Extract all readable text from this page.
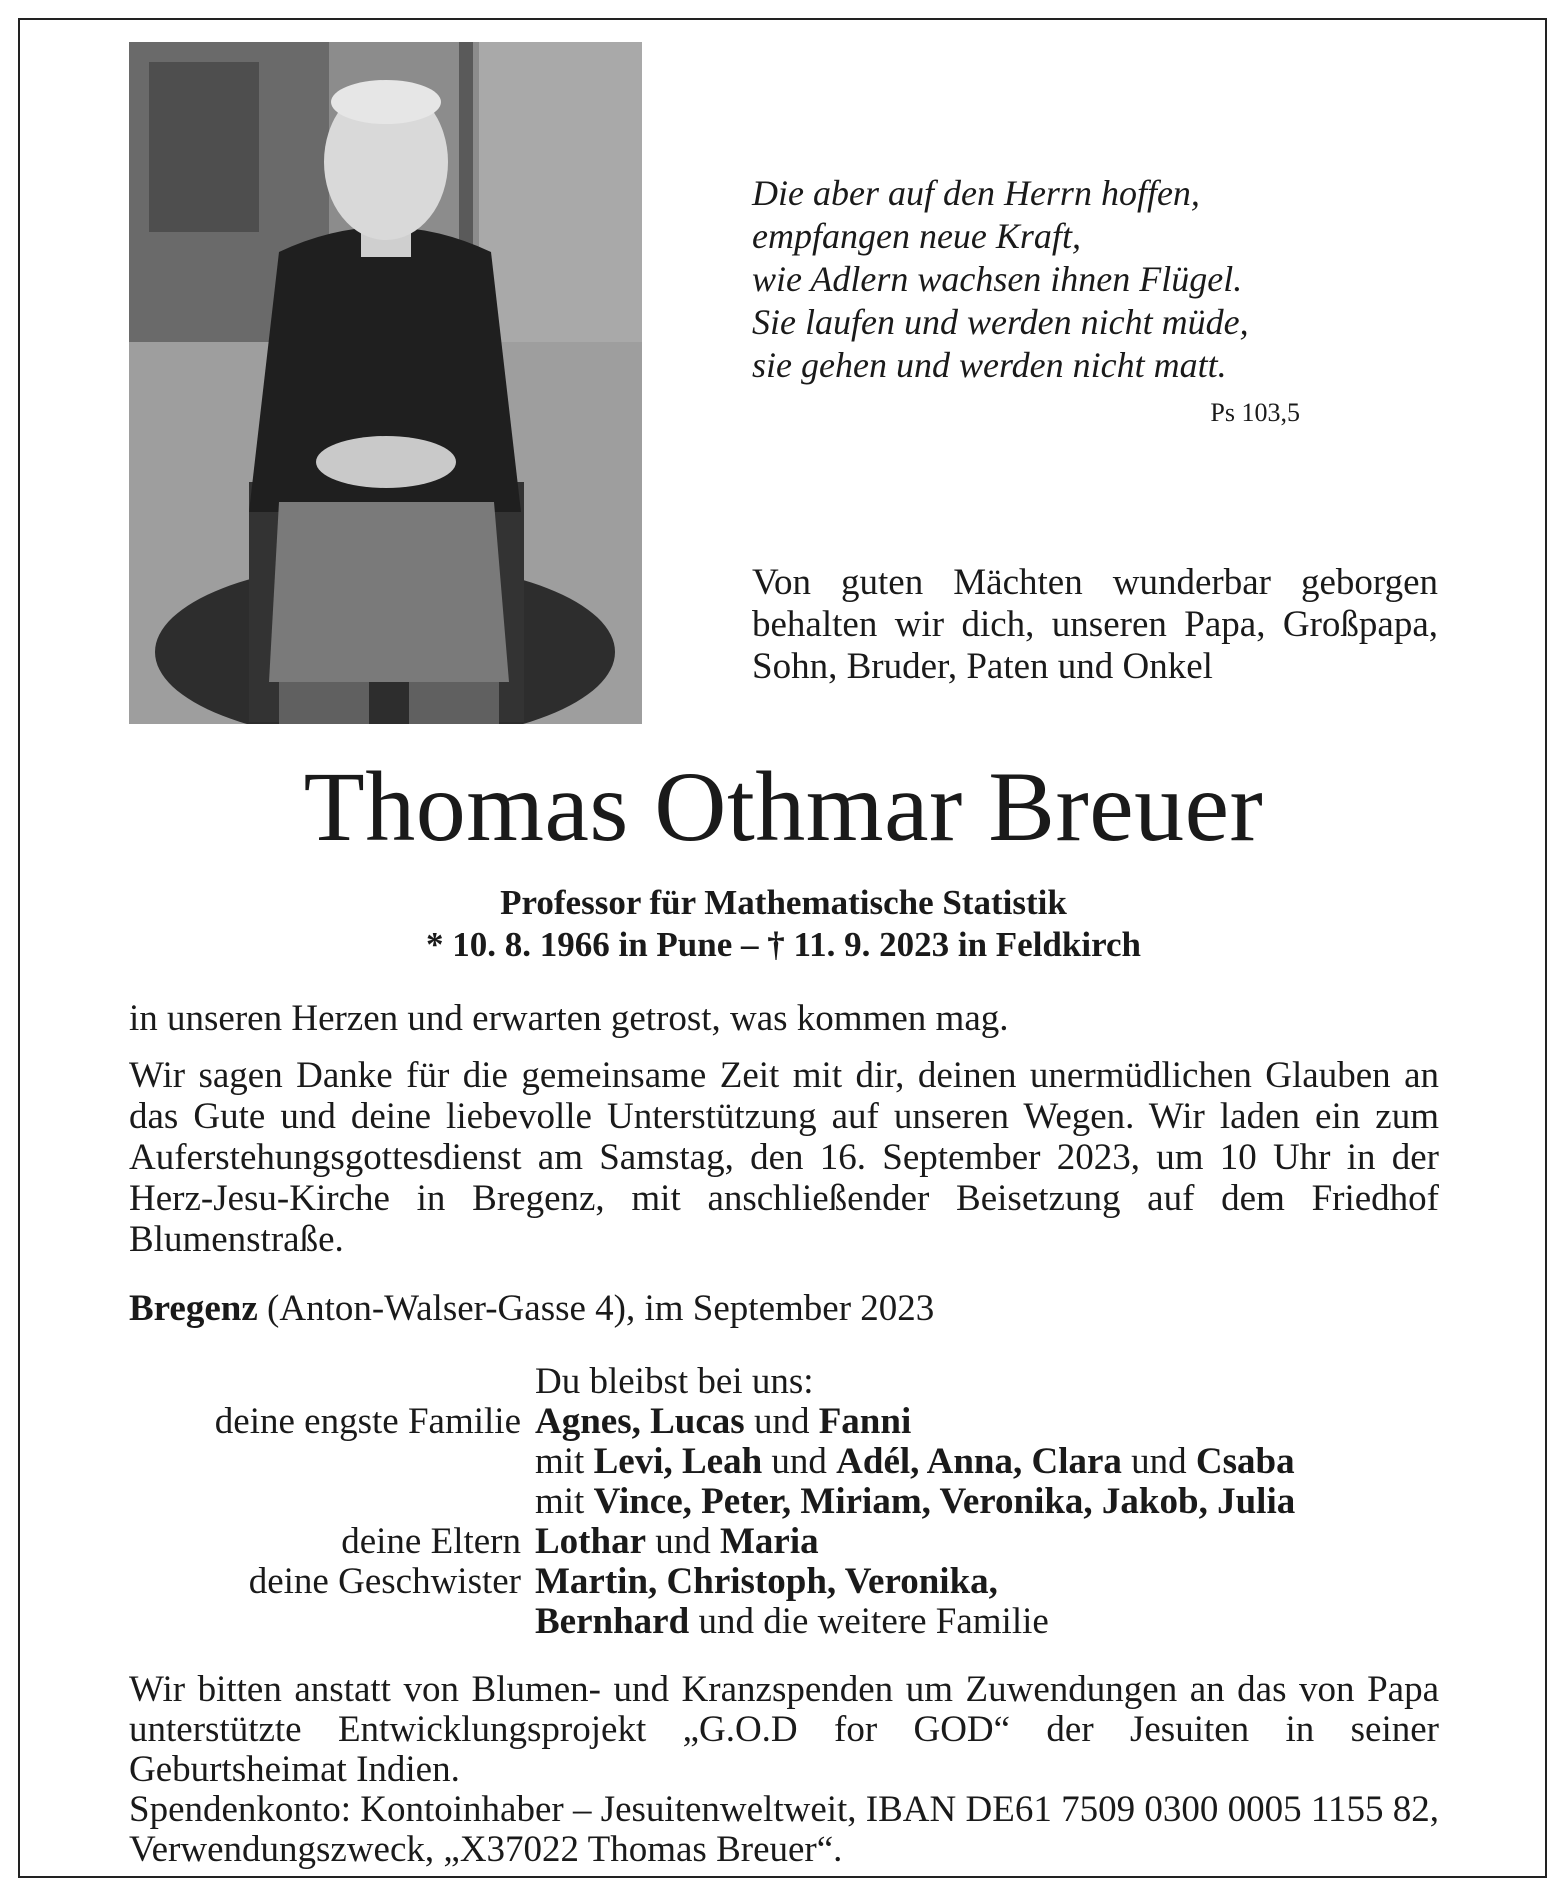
Die aber auf den Herrn hoffen,
empfangen neue Kraft,
wie Adlern wachsen ihnen Flügel.
Sie laufen und werden nicht müde,
sie gehen und werden nicht matt.
Ps 103,5
Von guten Mächten wunderbar geborgen behalten wir dich, unseren Papa, Großpapa, Sohn, Bruder, Paten und Onkel
Thomas Othmar Breuer
Professor für Mathematische Statistik
* 10. 8. 1966 in Pune – † 11. 9. 2023 in Feldkirch
in unseren Herzen und erwarten getrost, was kommen mag.
Wir sagen Danke für die gemeinsame Zeit mit dir, deinen unermüdlichen Glauben an das Gute und deine liebevolle Unterstützung auf unseren Wegen. Wir laden ein zum Auferstehungsgottesdienst am Samstag, den 16. September 2023, um 10 Uhr in der Herz-Jesu-Kirche in Bregenz, mit anschließender Beisetzung auf dem Friedhof Blumenstraße.
Bregenz (Anton-Walser-Gasse 4), im September 2023
Du bleibst bei uns:
deine engste Familie Agnes, Lucas und Fanni
mit Levi, Leah und Adél, Anna, Clara und Csaba
mit Vince, Peter, Miriam, Veronika, Jakob, Julia
deine Eltern Lothar und Maria
deine Geschwister Martin, Christoph, Veronika,
Bernhard und die weitere Familie
Wir bitten anstatt von Blumen- und Kranzspenden um Zuwendungen an das von Papa unterstützte Entwicklungsprojekt „G.O.D for GOD“ der Jesuiten in seiner Geburtsheimat Indien.
Spendenkonto: Kontoinhaber – Jesuitenweltweit, IBAN DE61 7509 0300 0005 1155 82, Verwendungszweck, „X37022 Thomas Breuer“.
